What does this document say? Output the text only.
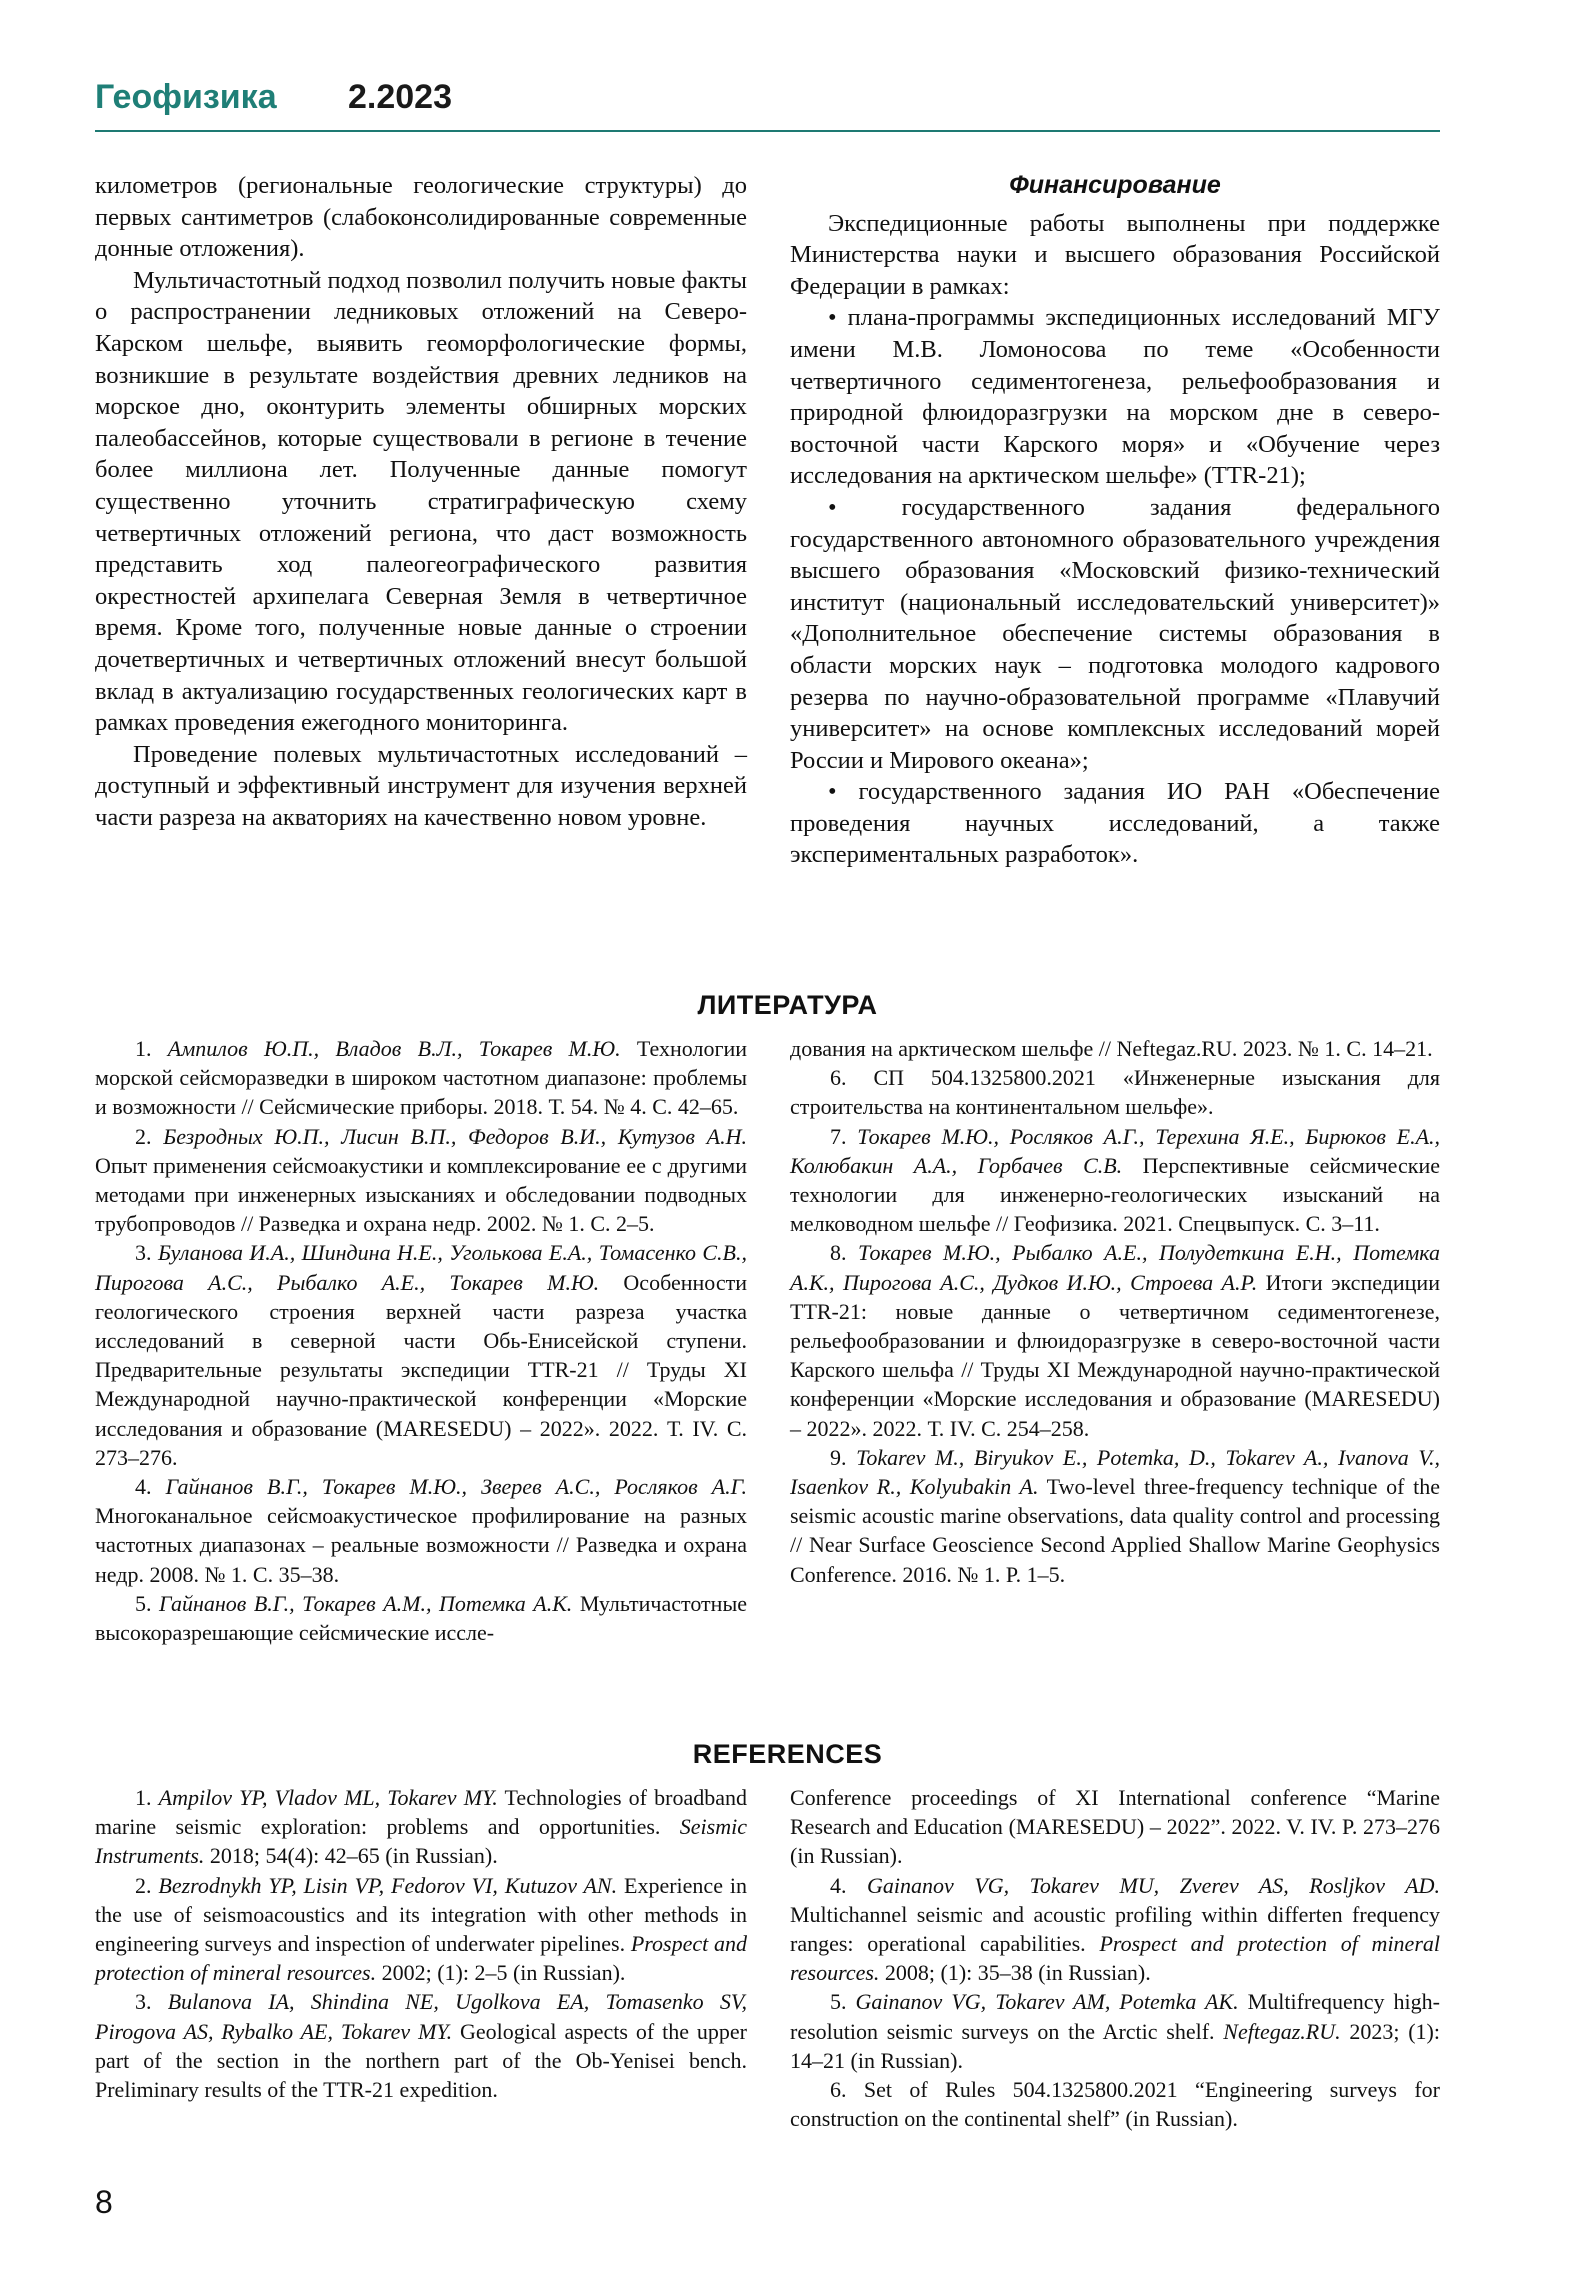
Геофизика 2.2023

километров (региональные геологические структуры) до первых сантиметров (слабоконсолидированные современные донные отложения).

Мультичастотный подход позволил получить новые факты о распространении ледниковых отложений на Северо-Карском шельфе, выявить геоморфологические формы, возникшие в результате воздействия древних ледников на морское дно, оконтурить элементы обширных морских палеобассейнов, которые существовали в регионе в течение более миллиона лет. Полученные данные помогут существенно уточнить стратиграфическую схему четвертичных отложений региона, что даст возможность представить ход палеогеографического развития окрестностей архипелага Северная Земля в четвертичное время. Кроме того, полученные новые данные о строении дочетвертичных и четвертичных отложений внесут большой вклад в актуализацию государственных геологических карт в рамках проведения ежегодного мониторинга.

Проведение полевых мультичастотных исследований – доступный и эффективный инструмент для изучения верхней части разреза на акваториях на качественно новом уровне.

Финансирование

Экспедиционные работы выполнены при поддержке Министерства науки и высшего образования Российской Федерации в рамках:

• плана-программы экспедиционных исследований МГУ имени М.В. Ломоносова по теме «Особенности четвертичного седиментогенеза, рельефообразования и природной флюидоразгрузки на морском дне в северо-восточной части Карского моря» и «Обучение через исследования на арктическом шельфе» (TTR-21);

• государственного задания федерального государственного автономного образовательного учреждения высшего образования «Московский физико-технический институт (национальный исследовательский университет)» «Дополнительное обеспечение системы образования в области морских наук – подготовка молодого кадрового резерва по научно-образовательной программе «Плавучий университет» на основе комплексных исследований морей России и Мирового океана»;

• государственного задания ИО РАН «Обеспечение проведения научных исследований, а также экспериментальных разработок».

ЛИТЕРАТУРА

1. Ампилов Ю.П., Владов В.Л., Токарев М.Ю. Технологии морской сейсморазведки в широком частотном диапазоне: проблемы и возможности // Сейсмические приборы. 2018. Т. 54. № 4. С. 42–65.

2. Безродных Ю.П., Лисин В.П., Федоров В.И., Кутузов А.Н. Опыт применения сейсмоакустики и комплексирование ее с другими методами при инженерных изысканиях и обследовании подводных трубопроводов // Разведка и охрана недр. 2002. № 1. С. 2–5.

3. Буланова И.А., Шиндина Н.Е., Уголькова Е.А., Томасенко С.В., Пирогова А.С., Рыбалко А.Е., Токарев М.Ю. Особенности геологического строения верхней части разреза участка исследований в северной части Обь-Енисейской ступени. Предварительные результаты экспедиции TTR-21 // Труды XI Международной научно-практической конференции «Морские исследования и образование (MARESEDU) – 2022». 2022. Т. IV. С. 273–276.

4. Гайнанов В.Г., Токарев М.Ю., Зверев А.С., Росляков А.Г. Многоканальное сейсмоакустическое профилирование на разных частотных диапазонах – реальные возможности // Разведка и охрана недр. 2008. № 1. С. 35–38.

5. Гайнанов В.Г., Токарев А.М., Потемка А.К. Мультичастотные высокоразрешающие сейсмические иссле-

дования на арктическом шельфе // Neftegaz.RU. 2023. № 1. С. 14–21.

6. СП 504.1325800.2021 «Инженерные изыскания для строительства на континентальном шельфе».

7. Токарев М.Ю., Росляков А.Г., Терехина Я.Е., Бирюков Е.А., Колюбакин А.А., Горбачев С.В. Перспективные сейсмические технологии для инженерно-геологических изысканий на мелководном шельфе // Геофизика. 2021. Спецвыпуск. С. 3–11.

8. Токарев М.Ю., Рыбалко А.Е., Полудеткина Е.Н., Потемка А.К., Пирогова А.С., Дудков И.Ю., Строева А.Р. Итоги экспедиции TTR-21: новые данные о четвертичном седиментогенезе, рельефообразовании и флюидоразгрузке в северо-восточной части Карского шельфа // Труды XI Международной научно-практической конференции «Морские исследования и образование (MARESEDU) – 2022». 2022. Т. IV. С. 254–258.

9. Tokarev M., Biryukov E., Potemka, D., Tokarev A., Ivanova V., Isaenkov R., Kolyubakin A. Two-level three-frequency technique of the seismic acoustic marine observations, data quality control and processing // Near Surface Geoscience Second Applied Shallow Marine Geophysics Conference. 2016. № 1. P. 1–5.

REFERENCES

1. Ampilov YP, Vladov ML, Tokarev MY. Technologies of broadband marine seismic exploration: problems and opportunities. Seismic Instruments. 2018; 54(4): 42–65 (in Russian).

2. Bezrodnykh YP, Lisin VP, Fedorov VI, Kutuzov AN. Experience in the use of seismoacoustics and its integration with other methods in engineering surveys and inspection of underwater pipelines. Prospect and protection of mineral resources. 2002; (1): 2–5 (in Russian).

3. Bulanova IA, Shindina NE, Ugolkova EA, Tomasenko SV, Pirogova AS, Rybalko AE, Tokarev MY. Geological aspects of the upper part of the section in the northern part of the Ob-Yenisei bench. Preliminary results of the TTR-21 expedition.

Conference proceedings of XI International conference “Marine Research and Education (MARESEDU) – 2022”. 2022. V. IV. P. 273–276 (in Russian).

4. Gainanov VG, Tokarev MU, Zverev AS, Rosljkov AD. Multichannel seismic and acoustic profiling within differten frequency ranges: operational capabilities. Prospect and protection of mineral resources. 2008; (1): 35–38 (in Russian).

5. Gainanov VG, Tokarev AM, Potemka AK. Multifrequency high-resolution seismic surveys on the Arctic shelf. Neftegaz.RU. 2023; (1): 14–21 (in Russian).

6. Set of Rules 504.1325800.2021 “Engineering surveys for construction on the continental shelf” (in Russian).

8
